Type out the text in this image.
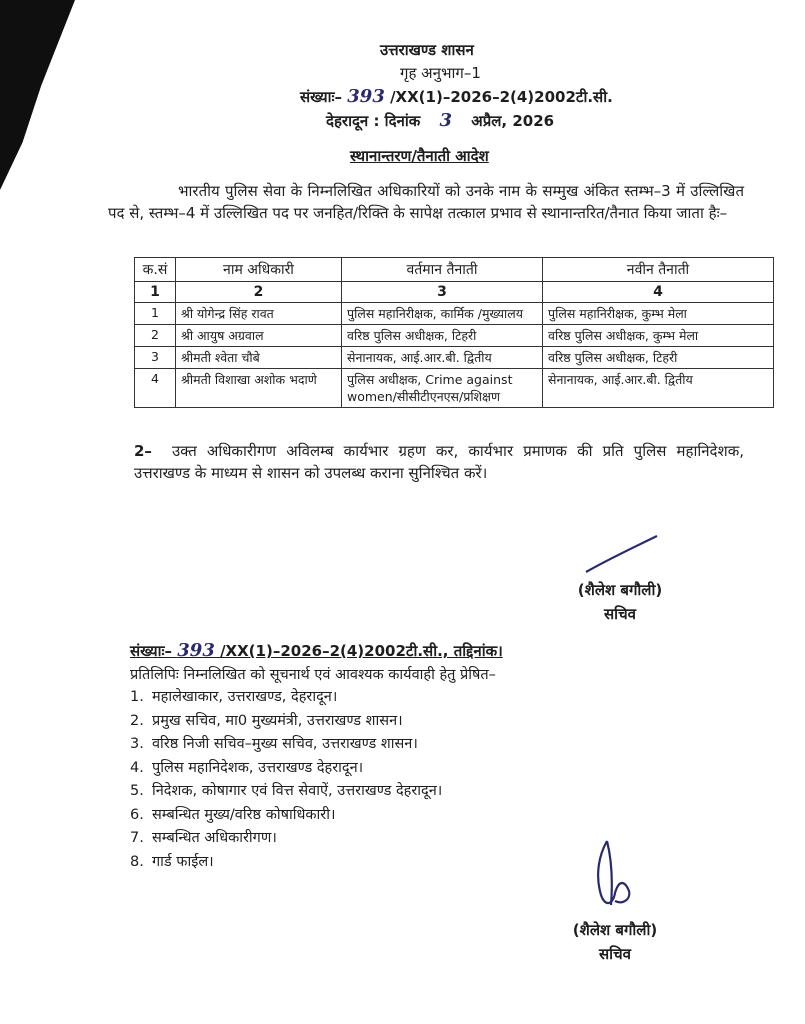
उत्तराखण्ड शासन
गृह अनुभाग–1
संख्याः– 393 /XX(1)–2026–2(4)2002टी.सी.
देहरादून : दिनांक 3 अप्रैल, 2026
स्थानान्तरण/तैनाती आदेश
भारतीय पुलिस सेवा के निम्नलिखित अधिकारियों को उनके नाम के सम्मुख अंकित स्तम्भ–3 में उल्लिखित पद से, स्तम्भ–4 में उल्लिखित पद पर जनहित/रिक्ति के सापेक्ष तत्काल प्रभाव से स्थानान्तरित/तैनात किया जाता हैः–
क.सं	नाम अधिकारी	वर्तमान तैनाती	नवीन तैनाती
1	2	3	4
1	श्री योगेन्द्र सिंह रावत	पुलिस महानिरीक्षक, कार्मिक /मुख्यालय	पुलिस महानिरीक्षक, कुम्भ मेला
2	श्री आयुष अग्रवाल	वरिष्ठ पुलिस अधीक्षक, टिहरी	वरिष्ठ पुलिस अधीक्षक, कुम्भ मेला
3	श्रीमती श्वेता चौबे	सेनानायक, आई.आर.बी. द्वितीय	वरिष्ठ पुलिस अधीक्षक, टिहरी
4	श्रीमती विशाखा अशोक भदाणे	पुलिस अधीक्षक, Crime against women/सीसीटीएनएस/प्रशिक्षण	सेनानायक, आई.आर.बी. द्वितीय
2– उक्त अधिकारीगण अविलम्ब कार्यभार ग्रहण कर, कार्यभार प्रमाणक की प्रति पुलिस महानिदेशक, उत्तराखण्ड के माध्यम से शासन को उपलब्ध कराना सुनिश्चित करें।
(शैलेश बगौली)
सचिव
संख्याः– 393 /XX(1)–2026–2(4)2002टी.सी., तद्दिनांक।
प्रतिलिपिः निम्नलिखित को सूचनार्थ एवं आवश्यक कार्यवाही हेतु प्रेषित–
1. महालेखाकार, उत्तराखण्ड, देहरादून।
2. प्रमुख सचिव, मा0 मुख्यमंत्री, उत्तराखण्ड शासन।
3. वरिष्ठ निजी सचिव–मुख्य सचिव, उत्तराखण्ड शासन।
4. पुलिस महानिदेशक, उत्तराखण्ड देहरादून।
5. निदेशक, कोषागार एवं वित्त सेवाऐं, उत्तराखण्ड देहरादून।
6. सम्बन्धित मुख्य/वरिष्ठ कोषाधिकारी।
7. सम्बन्धित अधिकारीगण।
8. गार्ड फाईल।
(शैलेश बगौली)
सचिव
